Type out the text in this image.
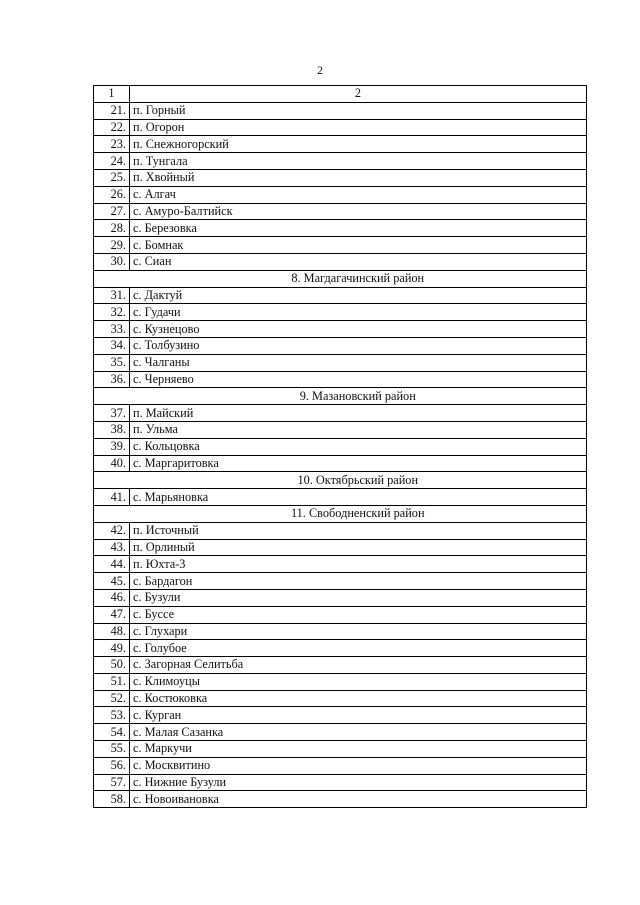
2
1	2
21.	п. Горный
22.	п. Огорон
23.	п. Снежногорский
24.	п. Тунгала
25.	п. Хвойный
26.	с. Алгач
27.	с. Амуро-Балтийск
28.	с. Березовка
29.	с. Бомнак
30.	с. Сиан
	8. Магдагачинский район
31.	с. Дактуй
32.	с. Гудачи
33.	с. Кузнецово
34.	с. Толбузино
35.	с. Чалганы
36.	с. Черняево
	9. Мазановский район
37.	п. Майский
38.	п. Ульма
39.	с. Кольцовка
40.	с. Маргаритовка
	10. Октябрьский район
41.	с. Марьяновка
	11. Свободненский район
42.	п. Источный
43.	п. Орлиный
44.	п. Юхта-3
45.	с. Бардагон
46.	с. Бузули
47.	с. Буссе
48.	с. Глухари
49.	с. Голубое
50.	с. Загорная Селитьба
51.	с. Климоуцы
52.	с. Костюковка
53.	с. Курган
54.	с. Малая Сазанка
55.	с. Маркучи
56.	с. Москвитино
57.	с. Нижние Бузули
58.	с. Новоивановка
